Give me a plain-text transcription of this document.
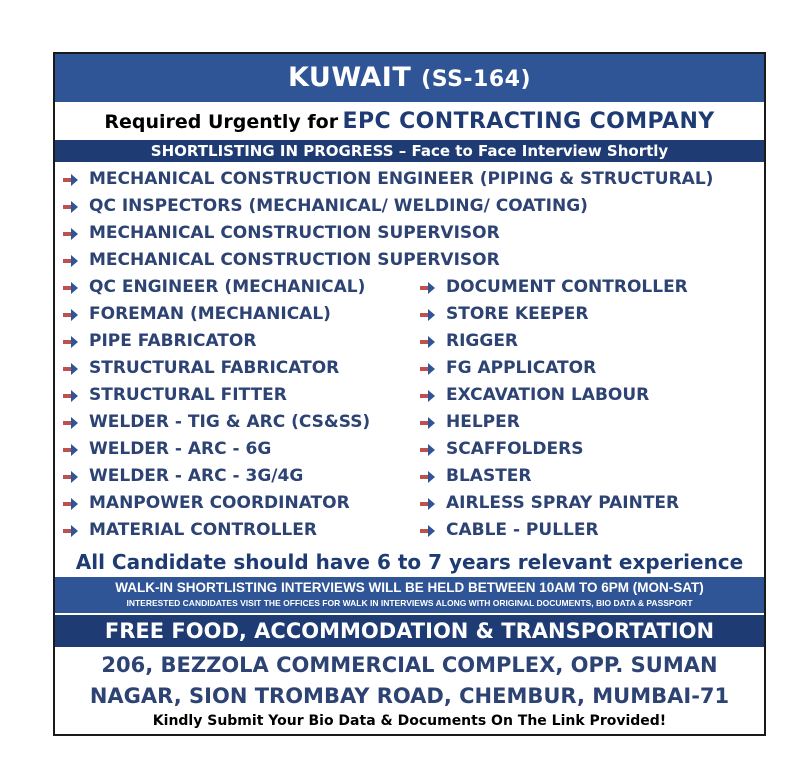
KUWAIT (SS-164)
Required Urgently for EPC CONTRACTING COMPANY
SHORTLISTING IN PROGRESS – Face to Face Interview Shortly
MECHANICAL CONSTRUCTION ENGINEER (PIPING & STRUCTURAL)
QC INSPECTORS (MECHANICAL/ WELDING/ COATING)
MECHANICAL CONSTRUCTION SUPERVISOR
MECHANICAL CONSTRUCTION SUPERVISOR
QC ENGINEER (MECHANICAL)
FOREMAN (MECHANICAL)
PIPE FABRICATOR
STRUCTURAL FABRICATOR
STRUCTURAL FITTER
WELDER - TIG & ARC (CS&SS)
WELDER - ARC - 6G
WELDER - ARC - 3G/4G
MANPOWER COORDINATOR
MATERIAL CONTROLLER
DOCUMENT CONTROLLER
STORE KEEPER
RIGGER
FG APPLICATOR
EXCAVATION LABOUR
HELPER
SCAFFOLDERS
BLASTER
AIRLESS SPRAY PAINTER
CABLE - PULLER
All Candidate should have 6 to 7 years relevant experience
WALK-IN SHORTLISTING INTERVIEWS WILL BE HELD BETWEEN 10AM TO 6PM (MON-SAT)
INTERESTED CANDIDATES VISIT THE OFFICES FOR WALK IN INTERVIEWS ALONG WITH ORIGINAL DOCUMENTS, BIO DATA & PASSPORT
FREE FOOD, ACCOMMODATION & TRANSPORTATION
206, BEZZOLA COMMERCIAL COMPLEX, OPP. SUMAN
NAGAR, SION TROMBAY ROAD, CHEMBUR, MUMBAI-71
Kindly Submit Your Bio Data & Documents On The Link Provided!
